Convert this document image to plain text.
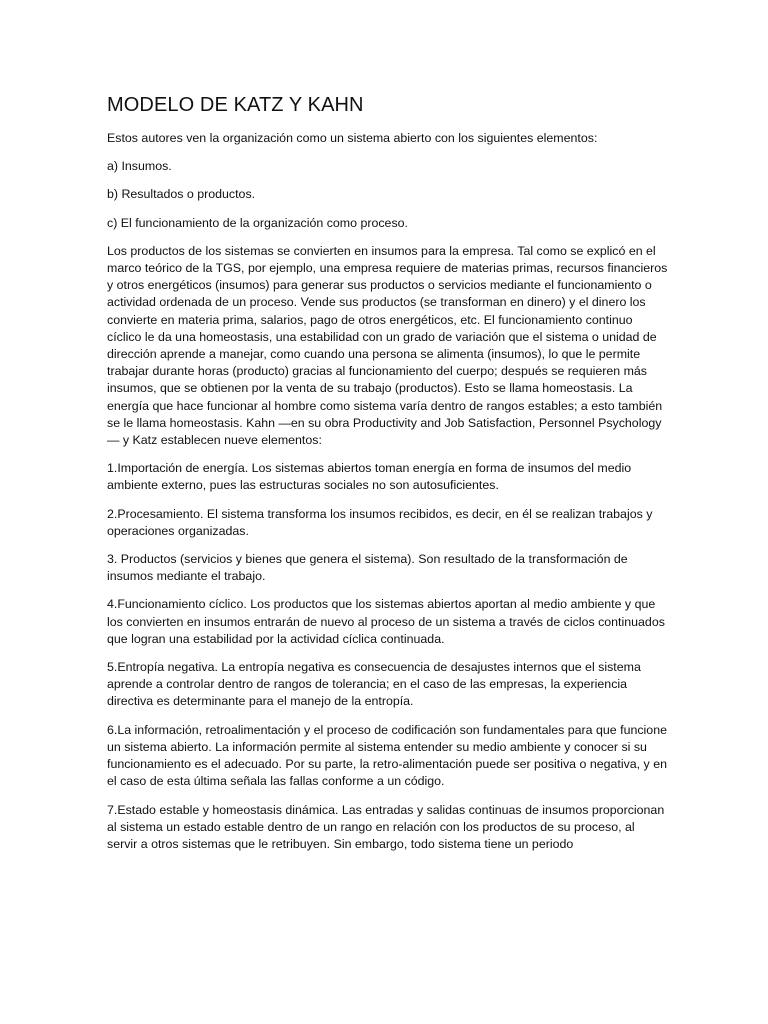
MODELO DE KATZ Y KAHN

Estos autores ven la organización como un sistema abierto con los siguientes elementos:

a) Insumos.

b) Resultados o productos.

c) El funcionamiento de la organización como proceso.

Los productos de los sistemas se convierten en insumos para la empresa. Tal como se explicó en el marco teórico de la TGS, por ejemplo, una empresa requiere de materias primas, recursos financieros y otros energéticos (insumos) para generar sus productos o servicios mediante el funcionamiento o actividad ordenada de un proceso. Vende sus productos (se transforman en dinero) y el dinero los convierte en materia prima, salarios, pago de otros energéticos, etc. El funcionamiento continuo cíclico le da una homeostasis, una estabilidad con un grado de variación que el sistema o unidad de dirección aprende a manejar, como cuando una persona se alimenta (insumos), lo que le permite trabajar durante horas (producto) gracias al funcionamiento del cuerpo; después se requieren más insumos, que se obtienen por la venta de su trabajo (productos). Esto se llama homeostasis. La energía que hace funcionar al hombre como sistema varía dentro de rangos estables; a esto también se le llama homeostasis. Kahn —en su obra Productivity and Job Satisfaction, Personnel Psychology— y Katz establecen nueve elementos:

1.Importación de energía. Los sistemas abiertos toman energía en forma de insumos del medio ambiente externo, pues las estructuras sociales no son autosuficientes.

2.Procesamiento. El sistema transforma los insumos recibidos, es decir, en él se realizan trabajos y operaciones organizadas.

3. Productos (servicios y bienes que genera el sistema). Son resultado de la transformación de insumos mediante el trabajo.

4.Funcionamiento cíclico. Los productos que los sistemas abiertos aportan al medio ambiente y que los convierten en insumos entrarán de nuevo al proceso de un sistema a través de ciclos continuados que logran una estabilidad por la actividad cíclica continuada.

5.Entropía negativa. La entropía negativa es consecuencia de desajustes internos que el sistema aprende a controlar dentro de rangos de tolerancia; en el caso de las empresas, la experiencia directiva es determinante para el manejo de la entropía.

6.La información, retroalimentación y el proceso de codificación son fundamentales para que funcione un sistema abierto. La información permite al sistema entender su medio ambiente y conocer si su funcionamiento es el adecuado. Por su parte, la retro-alimentación puede ser positiva o negativa, y en el caso de esta última señala las fallas conforme a un código.

7.Estado estable y homeostasis dinámica. Las entradas y salidas continuas de insumos proporcionan al sistema un estado estable dentro de un rango en relación con los productos de su proceso, al servir a otros sistemas que le retribuyen. Sin embargo, todo sistema tiene un periodo
